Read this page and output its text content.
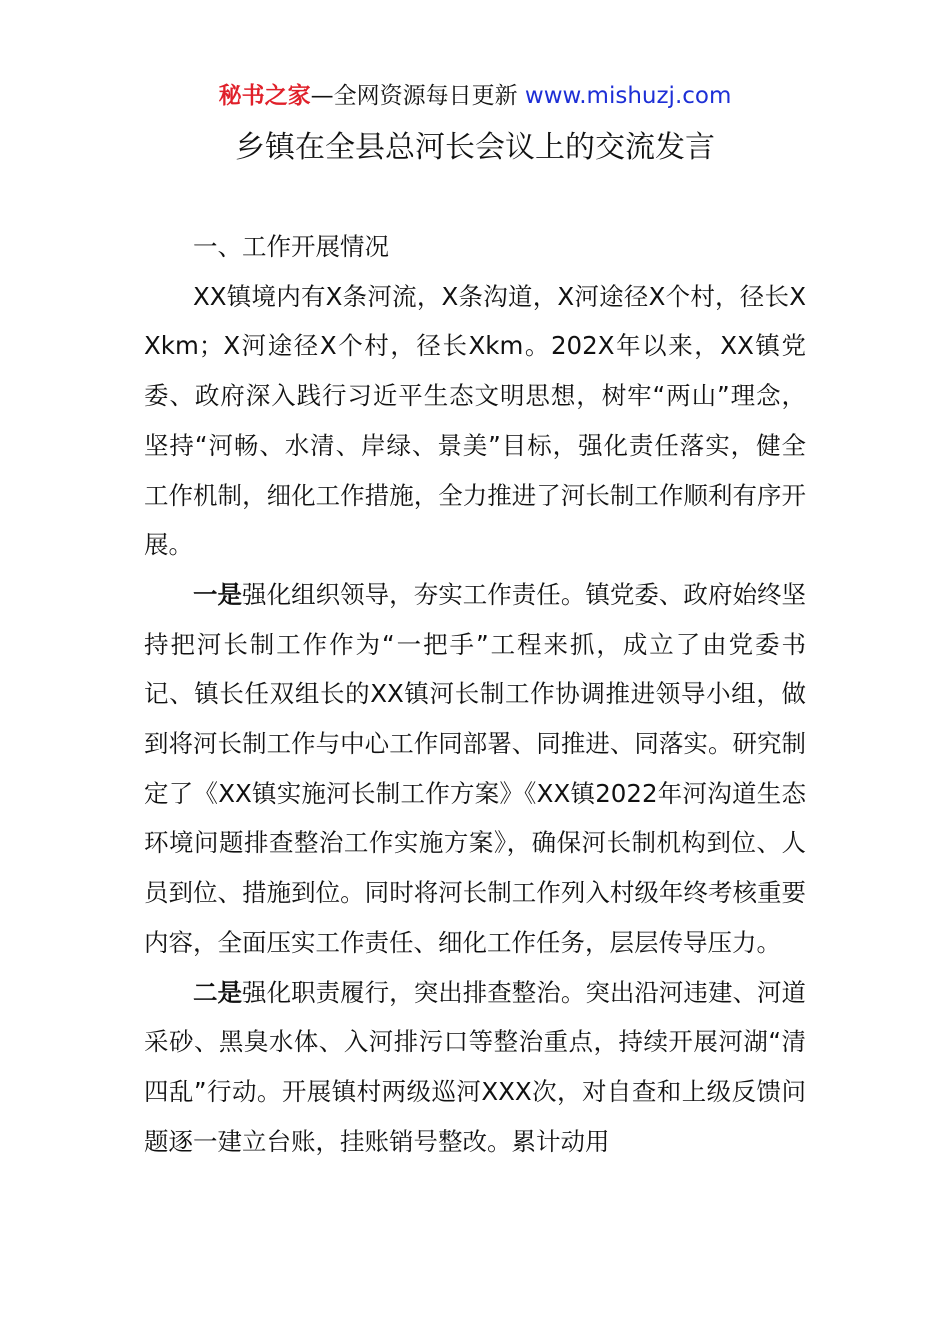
秘书之家—全网资源每日更新 www.mishuzj.com
乡镇在全县总河长会议上的交流发言

一、工作开展情况

XX镇境内有X条河流，X条沟道，X河途径X个村，径长XXkm；X河途径X个村，径长Xkm。202X年以来，XX镇党委、政府深入践行习近平生态文明思想，树牢“两山”理念，坚持“河畅、水清、岸绿、景美”目标，强化责任落实，健全工作机制，细化工作措施，全力推进了河长制工作顺利有序开展。

一是强化组织领导，夯实工作责任。镇党委、政府始终坚持把河长制工作作为“一把手”工程来抓，成立了由党委书记、镇长任双组长的XX镇河长制工作协调推进领导小组，做到将河长制工作与中心工作同部署、同推进、同落实。研究制定了《XX镇实施河长制工作方案》《XX镇2022年河沟道生态环境问题排查整治工作实施方案》，确保河长制机构到位、人员到位、措施到位。同时将河长制工作列入村级年终考核重要内容，全面压实工作责任、细化工作任务，层层传导压力。

二是强化职责履行，突出排查整治。突出沿河违建、河道采砂、黑臭水体、入河排污口等整治重点，持续开展河湖“清四乱”行动。开展镇村两级巡河XXX次，对自查和上级反馈问题逐一建立台账，挂账销号整改。累计动用
